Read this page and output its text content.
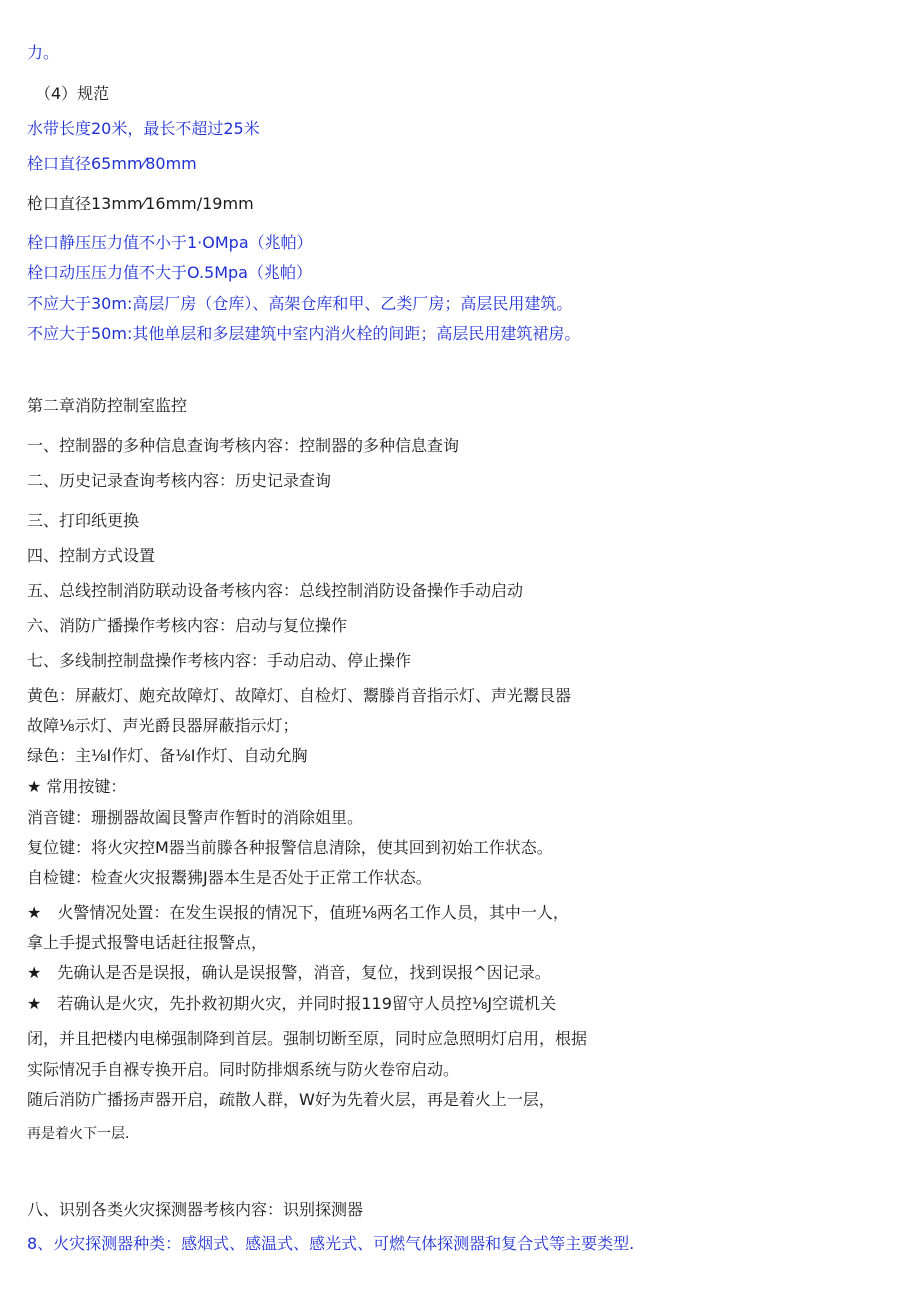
力。
（4）规范
水带长度20米，最长不超过25米
栓口直径65mm⁄80mm
枪口直径13mm⁄16mm/19mm
栓口静压压力值不小于1·OMpa（兆帕）
栓口动压压力值不大于O.5Mpa（兆帕）
不应大于30m:高层厂房（仓库）、高架仓库和甲、乙类厂房；高层民用建筑。
不应大于50m:其他单层和多层建筑中室内消火栓的间距；高层民用建筑裙房。
第二章消防控制室监控
一、控制器的多种信息查询考核内容：控制器的多种信息查询
二、历史记录查询考核内容：历史记录查询
三、打印纸更换
四、控制方式设置
五、总线控制消防联动设备考核内容：总线控制消防设备操作手动启动
六、消防广播操作考核内容：启动与复位操作
七、多线制控制盘操作考核内容：手动启动、停止操作
黄色：屏蔽灯、皰充故障灯、故障灯、自检灯、鬻滕肖音指示灯、声光鬻艮器
故障⅛示灯、声光爵艮器屏蔽指示灯；
绿色：主⅛I作灯、备⅛I作灯、自动允胸
★ 常用按键：
消音键：珊捌器故阖艮警声作暂时的消除姐里。
复位键：将火灾控M器当前滕各种报警信息清除，使其回到初始工作状态。
自检键：检查火灾报鬻狒J器本生是否处于正常工作状态。
★　火警情况处置：在发生误报的情况下，值班⅛两名工作人员，其中一人，
拿上手提式报警电话赶往报警点，
★　先确认是否是误报，确认是误报警，消音，复位，找到误报^因记录。
★　若确认是火灾，先扑救初期火灾，并同时报119留守人员控⅛J空谎机关
闭，并且把楼内电梯强制降到首层。强制切断至原，同时应急照明灯启用，根据
实际情况手自褓专换开启。同时防排烟系统与防火卷帘启动。
随后消防广播扬声器开启，疏散人群，W好为先着火层，再是着火上一层，
再是着火下一层.
八、识别各类火灾探测器考核内容：识别探测器
8、火灾探测器种类：感烟式、感温式、感光式、可燃气体探测器和复合式等主要类型.
